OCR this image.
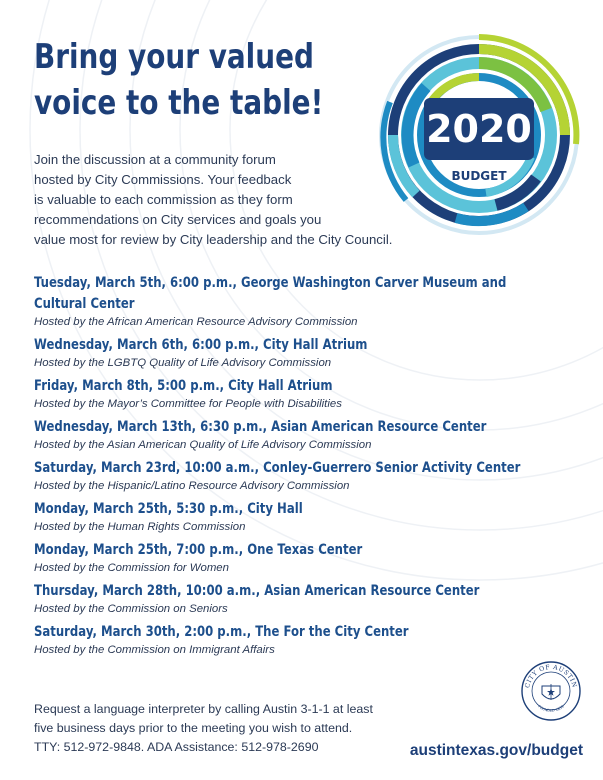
Bring your valued
voice to the table!
2020
BUDGET

Join the discussion at a community forum
hosted by City Commissions. Your feedback
is valuable to each commission as they form
recommendations on City services and goals you
value most for review by City leadership and the City Council.

Tuesday, March 5th, 6:00 p.m., George Washington Carver Museum and
Cultural Center
Hosted by the African American Resource Advisory Commission
Wednesday, March 6th, 6:00 p.m., City Hall Atrium
Hosted by the LGBTQ Quality of Life Advisory Commission
Friday, March 8th, 5:00 p.m., City Hall Atrium
Hosted by the Mayor’s Committee for People with Disabilities
Wednesday, March 13th, 6:30 p.m., Asian American Resource Center
Hosted by the Asian American Quality of Life Advisory Commission
Saturday, March 23rd, 10:00 a.m., Conley-Guerrero Senior Activity Center
Hosted by the Hispanic/Latino Resource Advisory Commission
Monday, March 25th, 5:30 p.m., City Hall
Hosted by the Human Rights Commission
Monday, March 25th, 7:00 p.m., One Texas Center
Hosted by the Commission for Women
Thursday, March 28th, 10:00 a.m., Asian American Resource Center
Hosted by the Commission on Seniors
Saturday, March 30th, 2:00 p.m., The For the City Center
Hosted by the Commission on Immigrant Affairs

Request a language interpreter by calling Austin 3-1-1 at least
five business days prior to the meeting you wish to attend.
TTY: 512-972-9848. ADA Assistance: 512-978-2690

CITY OF AUSTIN
FOUNDED 1839
austintexas.gov/budget
